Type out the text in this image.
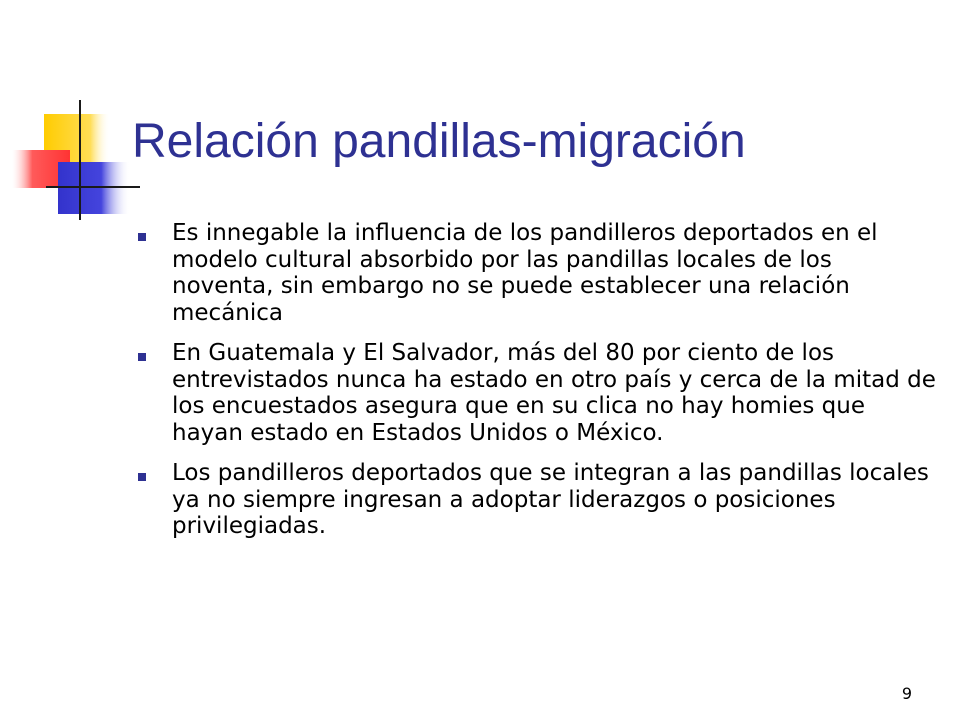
Relación pandillas-migración
Es innegable la influencia de los pandilleros deportados en el modelo cultural absorbido por las pandillas locales de los noventa, sin embargo no se puede establecer una relación mecánica
En Guatemala y El Salvador, más del 80 por ciento de los entrevistados nunca ha estado en otro país y cerca de la mitad de los encuestados asegura que en su clica no hay homies que hayan estado en Estados Unidos o México.
Los pandilleros deportados que se integran a las pandillas locales ya no siempre ingresan a adoptar liderazgos o posiciones privilegiadas.
9
